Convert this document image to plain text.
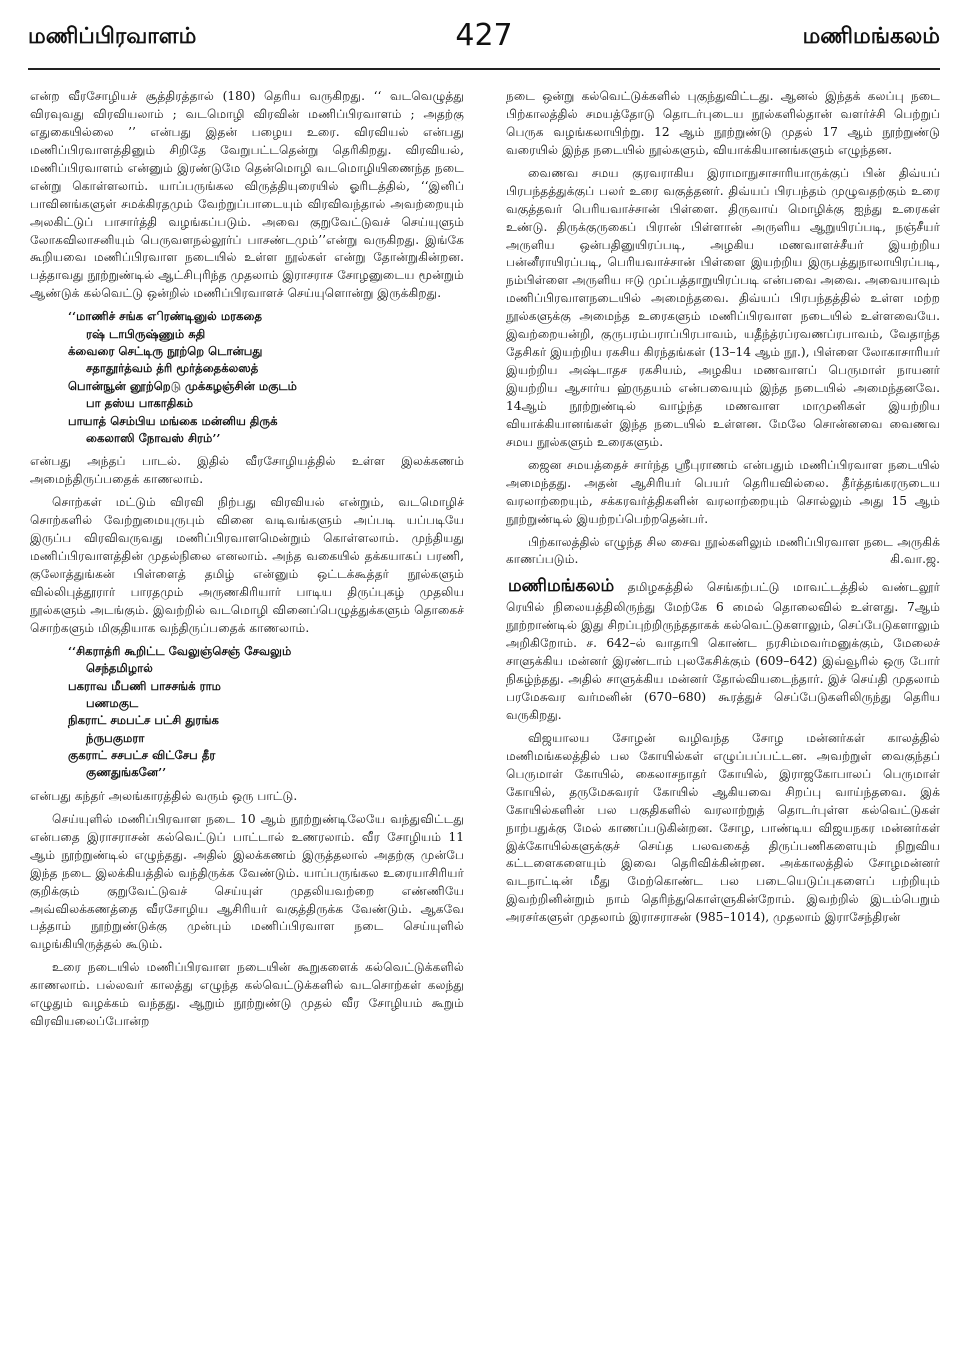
மணிப்பிரவாளம்	427	மணிமங்கலம்

என்ற வீரசோழியச் சூத்திரத்தால் (180) தெரிய வருகிறது. ‘‘ வடவெழுத்து விரவுவது விரவியலாம் ; வடமொழி விரவின் மணிப்பிரவாளம் ; அதற்கு எதுகையில்லை ’’ என்பது இதன் பழைய உரை. விரவியல் என்பது மணிப்பிரவாளத்தினும் சிறிதே வேறுபட்டதென்று தெரிகிறது. விரவியல், மணிப்பிரவாளம் என்னும் இரண்டுமே தென்மொழி வடமொழியிணைந்த நடை என்று கொள்ளலாம். யாப்பருங்கல விருத்தியுரையில் ஓரிடத்தில், ‘‘இனிப் பாவினங்களுள் சமக்கிரதமும் வேற்றுப்பாடையும் விரவிவந்தால் அவற்றையும் அலகிட்டுப் பாசார்த்தி வழங்கப்படும். அவை குறுவேட்டுவச் செய்யுளும் லோகவிலாசனியும் பெருவளநல்லூர்ப் பாசண்டமும்’’என்று வருகிறது. இங்கே கூறியவை மணிப்பிரவாள நடையில் உள்ள நூல்கள் என்று தோன்றுகின்றன. பத்தாவது நூற்றுண்டில் ஆட்சிபுரிந்த முதலாம் இராசராச சோழனுடைய மூன்றும் ஆண்டுக் கல்வெட்டு ஒன்றில் மணிப்பிரவாளச் செய்யுளொன்று இருக்கிறது.

‘‘மாணிச் சங்க எிரண்டினுல் மரகதை
ரஷ் டாபிருஷ்ணும் சுதி
க்வைரை செட்டிரு நூற்றெ டொன்பது
சதாதூர்த்வம் த்ரி மூர்த்தைக்லஸத்
பொன்ஙூன் னூற்றெடு முக்கழஞ்சின் மகுடம்
பா தஸ்ய பாகாதிகம்
பாயாத் செம்பிய மங்கை மன்னிய திருக்
கைலாஸி நோவஸ் சிரம்’’

என்பது அந்தப் பாடல். இதில் வீரசோழியத்தில் உள்ள இலக்கணம் அமைந்திருப்பதைக் காணலாம்.

சொற்கள் மட்டும் விரவி நிற்பது விரவியல் என்றும், வடமொழிச் சொற்களில் வேற்றுமையுருபும் வினை வடிவங்களும் அப்படி யப்படியே இருப்ப விரவிவருவது மணிப்பிரவாளமென்றும் கொள்ளலாம். முந்தியது மணிப்பிரவாளத்தின் முதல்நிலை எனலாம். அந்த வகையில் தக்கயாகப் பரணி, குலோத்துங்கன் பிள்ளைத் தமிழ் என்னும் ஒட்டக்கூத்தர் நூல்களும் வில்லிபுத்தூரார் பாரதமும் அருணகிரியார் பாடிய திருப்புகழ் முதலிய நூல்களும் அடங்கும். இவற்றில் வடமொழி வினைப்பெழுத்துக்களும் தொகைச் சொற்களும் மிகுதியாக வந்திருப்பதைக் காணலாம்.

‘‘சிகராத்ரி கூறிட்ட வேலுஞ்செஞ் சேவலும்
செந்தமிழால்
பகராவ மீபணி பாசசங்க் ராம
பணமகுட
நிகராட் சமபட்ச பட்சி துரங்க
ந்ருபகுமரா
குகராட் சசபட்ச விட்சேப தீர
குணதுங்கனே’’

என்பது கந்தர் அலங்காரத்தில் வரும் ஒரு பாட்டு.

செய்யுளில் மணிப்பிரவாள நடை 10 ஆம் நூற்றுண்டிலேயே வந்துவிட்டது என்பதை இராசராசன் கல்வெட்டுப் பாட்டால் உணரலாம். வீர சோழியம் 11 ஆம் நூற்றுண்டில் எழுந்தது. அதில் இலக்கணம் இருத்தலால் அதற்கு முன்பே இந்த நடை இலக்கியத்தில் வந்திருக்க வேண்டும். யாப்பருங்கல உரையாசிரியர் குறிக்கும் குறுவேட்டுவச் செய்யுள் முதலியவற்றை எண்ணியே அவ்விலக்கணத்தை வீரசோழிய ஆசிரியர் வகுத்திருக்க வேண்டும். ஆகவே பத்தாம் நூற்றுண்டுக்கு முன்பும் மணிப்பிரவாள நடை செய்யுளில் வழங்கியிருத்தல் கூடும்.

உரை நடையில் மணிப்பிரவாள நடையின் கூறுகளைக் கல்வெட்டுக்களில் காணலாம். பல்லவர் காலத்து எழுந்த கல்வெட்டுக்களில் வடசொற்கள் கலந்து எழுதும் வழக்கம் வந்தது. ஆறும் நூற்றுண்டு முதல் வீர சோழியம் கூறும் விரவியலைப்போன்ற

நடை ஒன்று கல்வெட்டுக்களில் புகுந்துவிட்டது. ஆனல் இந்தக் கலப்பு நடை பிற்காலத்தில் சமயத்தோடு தொடர்புடைய நூல்களில்தான் வளர்ச்சி பெற்றுப் பெருக வழங்கலாயிற்று. 12 ஆம் நூற்றுண்டு முதல் 17 ஆம் நூற்றுண்டு வரையில் இந்த நடையில் நூல்களும், வியாக்கியானங்களும் எழுந்தன.

வைணவ சமய குரவராகிய இராமாநுசாசாரியாருக்குப் பின் திவ்யப் பிரபந்தத்துக்குப் பலர் உரை வகுத்தனர். திவ்யப் பிரபந்தம் முழுவதற்கும் உரை வகுத்தவர் பெரியவாச்சான் பிள்ளை. திருவாய் மொழிக்கு ஐந்து உரைகள் உண்டு. திருக்குருகைப் பிரான் பிள்ளான் அருளிய ஆறுயிரப்படி, நஞ்சீயர் அருளிய ஒன்பதினுயிரப்படி, அழகிய மணவாளச்சீயர் இயற்றிய பன்னீராயிரப்படி, பெரியவாச்சான் பிள்ளை இயற்றிய இருபத்துநாலாயிரப்படி, நம்பிள்ளை அருளிய ஈடு முப்பத்தாறுயிரப்படி என்பவை அவை. அவையாவும் மணிப்பிரவாளநடையில் அமைந்தவை. திவ்யப் பிரபந்தத்தில் உள்ள மற்ற நூல்களுக்கு அமைந்த உரைகளும் மணிப்பிரவாள நடையில் உள்ளவையே. இவற்றையன்றி, குருபரம்பராப்பிரபாவம், யதீந்த்ரப்ரவணப்ரபாவம், வேதாந்த தேசிகர் இயற்றிய ரகசிய கிரந்தங்கள் (13–14 ஆம் நூ.), பிள்ளை லோகாசாரியர் இயற்றிய அஷ்டாதச ரகசியம், அழகிய மணவாளப் பெருமாள் நாயனர் இயற்றிய ஆசார்ய ஹ்ருதயம் என்பவையும் இந்த நடையில் அமைந்தனவே. 14ஆம் நூற்றுண்டில் வாழ்ந்த மணவாள மாமுனிகள் இயற்றிய வியாக்கியானங்கள் இந்த நடையில் உள்ளன. மேலே சொன்னவை வைணவ சமய நூல்களும் உரைகளும்.

ஜைன சமயத்தைச் சார்ந்த ஸ்ரீபுராணம் என்பதும் மணிப்பிரவாள நடையில் அமைந்தது. அதன் ஆசிரியர் பெயர் தெரியவில்லை. தீர்த்தங்கரருடைய வரலாற்றையும், சக்கரவர்த்திகளின் வரலாற்றையும் சொல்லும் அது 15 ஆம் நூற்றுண்டில் இயற்றப்பெற்றதென்பர்.

பிற்காலத்தில் எழுந்த சில சைவ நூல்களிலும் மணிப்பிரவாள நடை அருகிக் காணப்படும்.	கி.வா.ஜ.

மணிமங்கலம் தமிழகத்தில் செங்கற்பட்டு மாவட்டத்தில் வண்டலூர் ரெயில் நிலையத்திலிருந்து மேற்கே 6 மைல் தொலைவில் உள்ளது. 7ஆம் நூற்றாண்டில் இது சிறப்புற்றிருந்ததாகக் கல்வெட்டுகளாலும், செப்பேடுகளாலும் அறிகிறோம். ச. 642–ல் வாதாபி கொண்ட நரசிம்மவர்மனுக்கும், மேலைச் சாளுக்கிய மன்னர் இரண்டாம் புலகேசிக்கும் (609–642) இவ்வூரில் ஒரு போர் நிகழ்ந்தது. அதில் சாளுக்கிய மன்னர் தோல்வியடைந்தார். இச் செய்தி முதலாம் பரமேசுவர வர்மனின் (670–680) கூரத்துச் செப்பேடுகளிலிருந்து தெரிய வருகிறது.

விஜயாலய சோழன் வழிவந்த சோழ மன்னர்கள் காலத்தில் மணிமங்கலத்தில் பல கோயில்கள் எழுப்பப்பட்டன. அவற்றுள் வைகுந்தப் பெருமாள் கோயில், கைலாசநாதர் கோயில், இராஜகோபாலப் பெருமாள் கோயில், தருமேசுவரர் கோயில் ஆகியவை சிறப்பு வாய்ந்தவை. இக் கோயில்களின் பல பகுதிகளில் வரலாற்றுத் தொடர்புள்ள கல்வெட்டுகள் நாற்பதுக்கு மேல் காணப்படுகின்றன. சோழ, பாண்டிய விஜயநகர மன்னர்கள் இக்கோயில்களுக்குச் செய்த பலவகைத் திருப்பணிகளையும் நிறுவிய கட்டளைகளையும் இவை தெரிவிக்கின்றன. அக்காலத்தில் சோழமன்னர் வடநாட்டின் மீது மேற்கொண்ட பல படையெடுப்புகளைப் பற்றியும் இவற்றினின்றும் நாம் தெரிந்துகொள்ளுகின்றோம். இவற்றில் இடம்பெறும் அரசர்களுள் முதலாம் இராசராசன் (985–1014), முதலாம் இராசேந்திரன்
